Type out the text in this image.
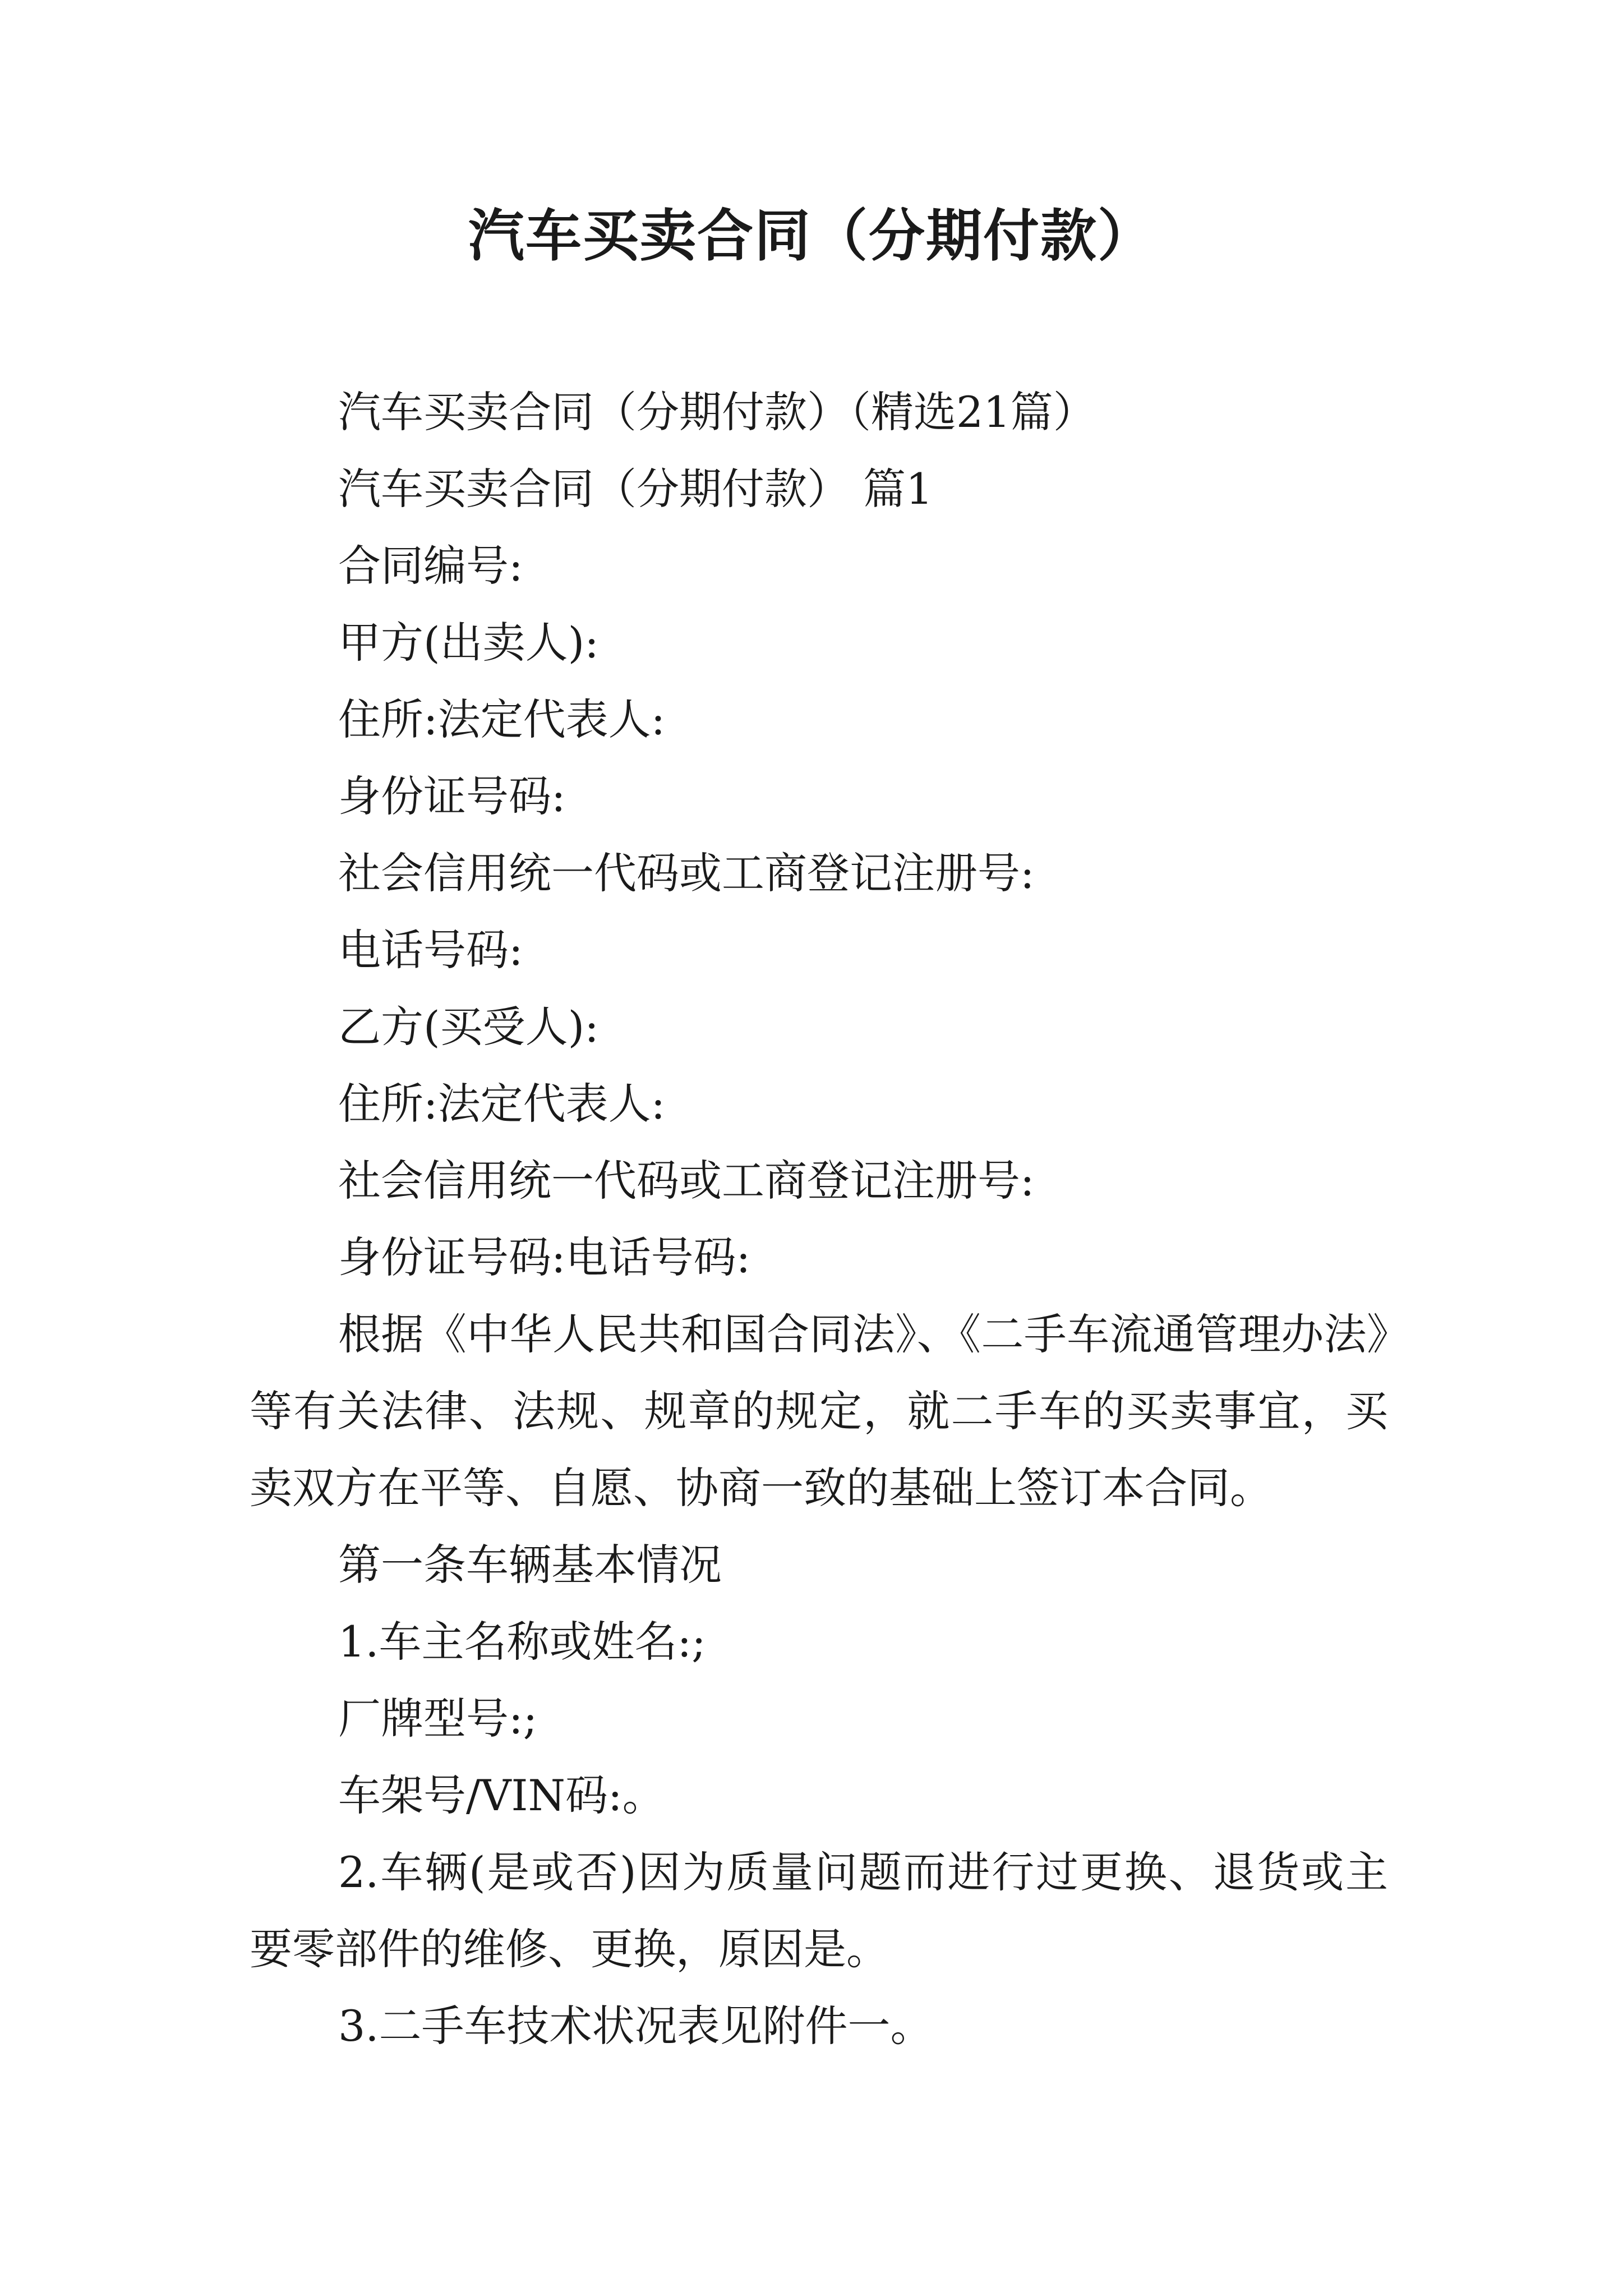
汽车买卖合同（分期付款）

汽车买卖合同（分期付款）（精选21篇）

汽车买卖合同（分期付款） 篇1

合同编号:

甲方(出卖人):

住所:法定代表人:

身份证号码:

社会信用统一代码或工商登记注册号:

电话号码:

乙方(买受人):

住所:法定代表人:

社会信用统一代码或工商登记注册号:

身份证号码:电话号码:

根据《中华人民共和国合同法》、《二手车流通管理办法》等有关法律、法规、规章的规定，就二手车的买卖事宜，买卖双方在平等、自愿、协商一致的基础上签订本合同。

第一条车辆基本情况

1.车主名称或姓名:;

厂牌型号:;

车架号/VIN码:。

2.车辆(是或否)因为质量问题而进行过更换、退货或主要零部件的维修、更换，原因是。

3.二手车技术状况表见附件一。
